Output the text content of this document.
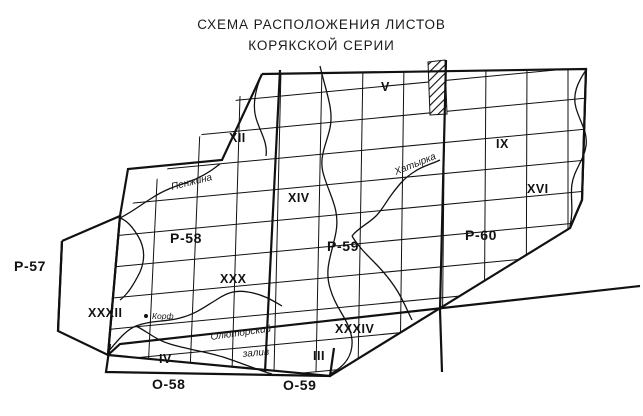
СХЕМА РАСПОЛОЖЕНИЯ ЛИСТОВ
КОРЯКСКОЙ СЕРИИ
Р-57
Р-58	Р-59
Р-60
О-58	О-59
V
IX
XII
XIV
XVI
XXX
XXXII
XXXIV
IV	III
Пенжина
Хатырка
Олюторский
залив
Корф
